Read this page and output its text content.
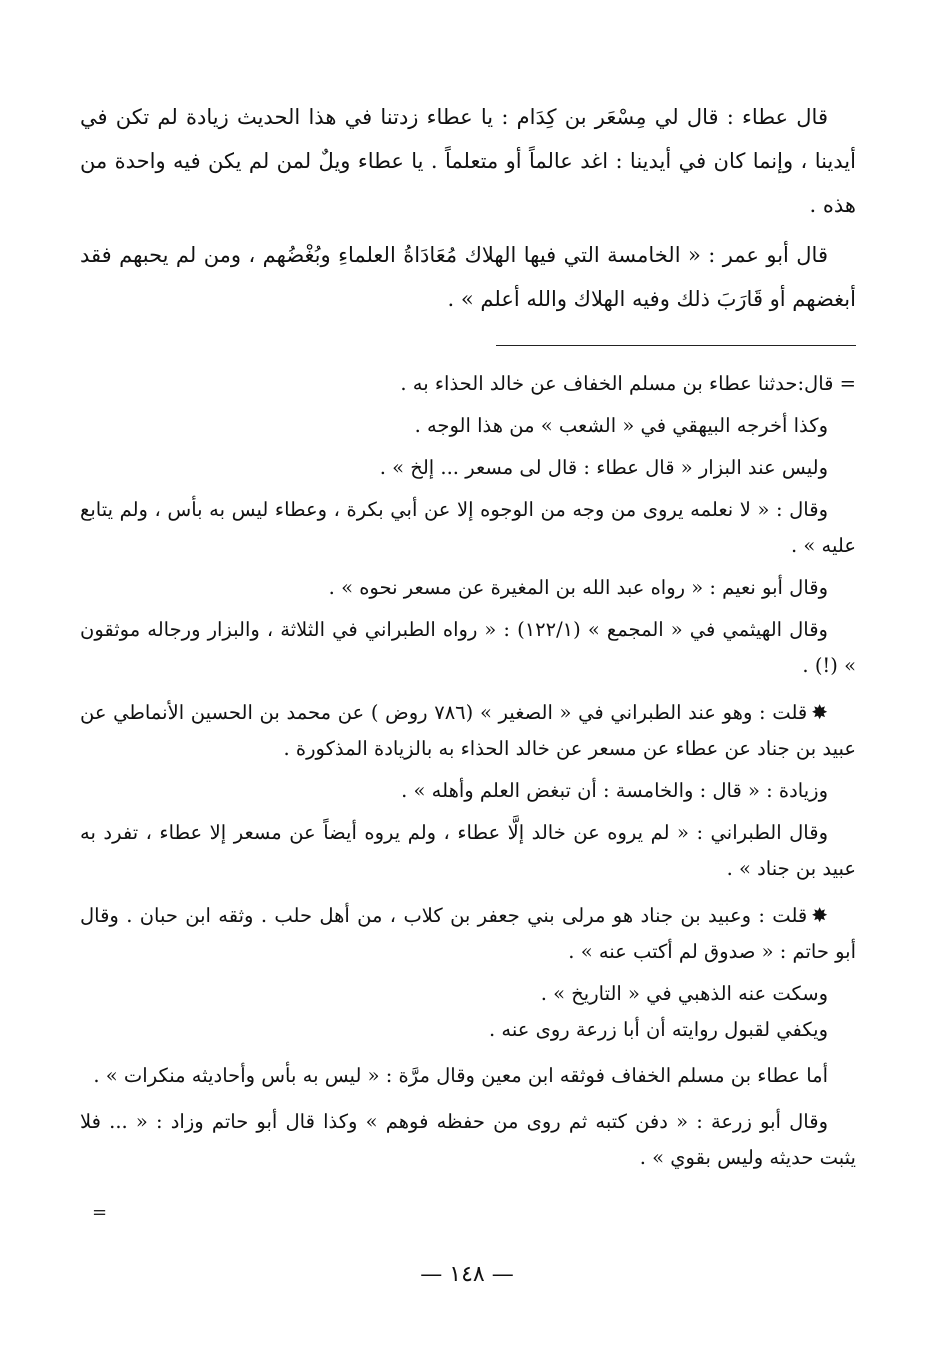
قال عطاء : قال لي مِسْعَر بن كِدَام : يا عطاء زدتنا في هذا الحديث زيادة لم تكن في أيدينا ، وإنما كان في أيدينا : اغد عالماً أو متعلماً . يا عطاء ويلٌ لمن لم يكن فيه واحدة من هذه .

قال أبو عمر : « الخامسة التي فيها الهلاك مُعَادَاةُ العلماءِ وبُغْضُهم ، ومن لم يحبهم فقد أبغضهم أو قَارَبَ ذلك وفيه الهلاك والله أعلم » .

= قال:حدثنا عطاء بن مسلم الخفاف عن خالد الحذاء به .

وكذا أخرجه البيهقي في « الشعب » من هذا الوجه .

وليس عند البزار « قال عطاء : قال لى مسعر ... إلخ » .

وقال : « لا نعلمه يروى من وجه من الوجوه إلا عن أبي بكرة ، وعطاء ليس به بأس ، ولم يتابع عليه » .

وقال أبو نعيم : « رواه عبد الله بن المغيرة عن مسعر نحوه » .

وقال الهيثمي في « المجمع » (١٢٢/١) : « رواه الطبراني في الثلاثة ، والبزار ورجاله موثقون » (!) .

✸قلت : وهو عند الطبراني في « الصغير » (٧٨٦ روض ) عن محمد بن الحسين الأنماطي عن عبيد بن جناد عن عطاء عن مسعر عن خالد الحذاء به بالزيادة المذكورة .

وزيادة : « قال : والخامسة : أن تبغض العلم وأهله » .

وقال الطبراني : « لم يروه عن خالد إلَّا عطاء ، ولم يروه أيضاً عن مسعر إلا عطاء ، تفرد به عبيد بن جناد » .

✸قلت : وعبيد بن جناد هو مرلى بني جعفر بن كلاب ، من أهل حلب . وثقه ابن حبان . وقال أبو حاتم : « صدوق لم أكتب عنه » .

وسكت عنه الذهبي في « التاريخ » .

ويكفي لقبول روايته أن أبا زرعة روى عنه .

أما عطاء بن مسلم الخفاف فوثقه ابن معين وقال مرَّة : « ليس به بأس وأحاديثه منكرات » .

وقال أبو زرعة : « دفن كتبه ثم روى من حفظه فوهم » وكذا قال أبو حاتم وزاد : « ... فلا يثبت حديثه وليس بقوي » .

=
— ١٤٨ —
